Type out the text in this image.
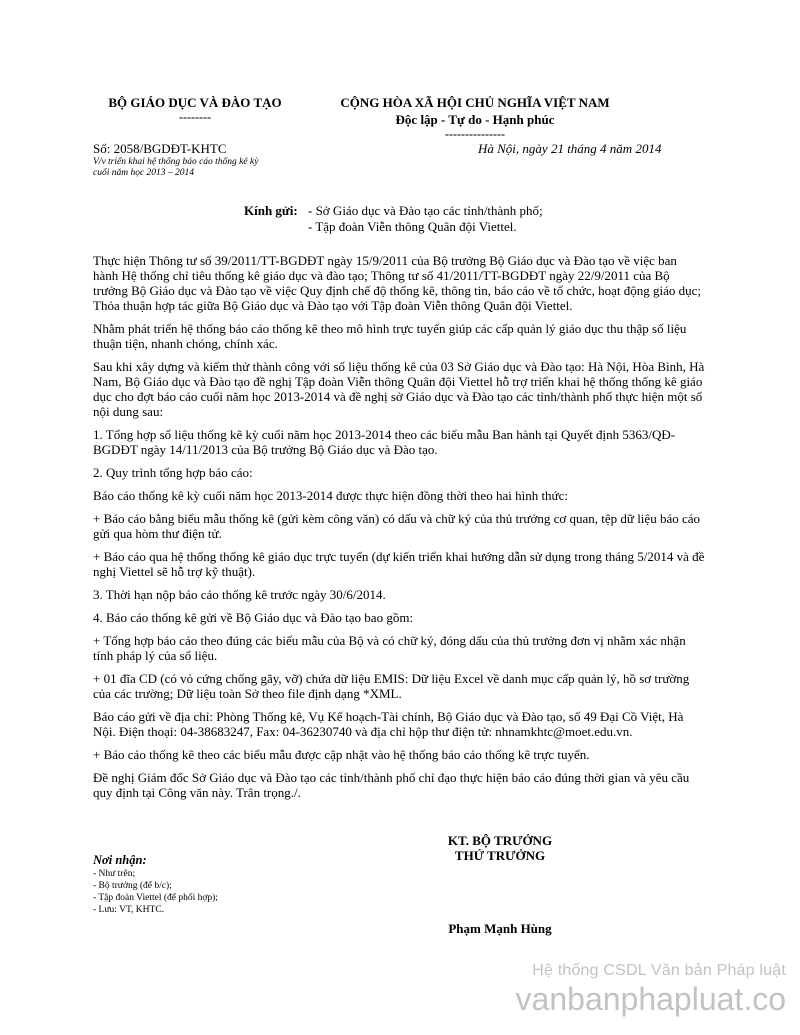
BỘ GIÁO DỤC VÀ ĐÀO TẠO
--------
CỘNG HÒA XÃ HỘI CHỦ NGHĨA VIỆT NAM
Độc lập - Tự do - Hạnh phúc
---------------
Số: 2058/BGDĐT-KHTC
V/v triển khai hệ thống báo cáo thống kê kỳ
cuối năm học 2013 – 2014
Hà Nội, ngày 21 tháng 4 năm 2014
Kính gửi: - Sở Giáo dục và Đào tạo các tỉnh/thành phố;
- Tập đoàn Viễn thông Quân đội Viettel.

Thực hiện Thông tư số 39/2011/TT-BGDĐT ngày 15/9/2011 của Bộ trưởng Bộ Giáo dục và Đào tạo về việc ban hành Hệ thống chỉ tiêu thống kê giáo dục và đào tạo; Thông tư số 41/2011/TT-BGDĐT ngày 22/9/2011 của Bộ trưởng Bộ Giáo dục và Đào tạo về việc Quy định chế độ thống kê, thông tin, báo cáo về tổ chức, hoạt động giáo dục; Thỏa thuận hợp tác giữa Bộ Giáo dục và Đào tạo với Tập đoàn Viễn thông Quân đội Viettel.

Nhằm phát triển hệ thống báo cáo thống kê theo mô hình trực tuyến giúp các cấp quản lý giáo dục thu thập số liệu thuận tiện, nhanh chóng, chính xác.

Sau khi xây dựng và kiểm thử thành công với số liệu thống kê của 03 Sở Giáo dục và Đào tạo: Hà Nội, Hòa Bình, Hà Nam, Bộ Giáo dục và Đào tạo đề nghị Tập đoàn Viễn thông Quân đội Viettel hỗ trợ triển khai hệ thống thống kê giáo dục cho đợt báo cáo cuối năm học 2013-2014 và đề nghị sở Giáo dục và Đào tạo các tỉnh/thành phố thực hiện một số nội dung sau:

1. Tổng hợp số liệu thống kê kỳ cuối năm học 2013-2014 theo các biểu mẫu Ban hành tại Quyết định 5363/QĐ-BGDĐT ngày 14/11/2013 của Bộ trưởng Bộ Giáo dục và Đào tạo.

2. Quy trình tổng hợp báo cáo:

Báo cáo thống kê kỳ cuối năm học 2013-2014 được thực hiện đồng thời theo hai hình thức:

+ Báo cáo bằng biểu mẫu thống kê (gửi kèm công văn) có dấu và chữ ký của thủ trưởng cơ quan, tệp dữ liệu báo cáo gửi qua hòm thư điện tử.

+ Báo cáo qua hệ thống thống kê giáo dục trực tuyến (dự kiến triển khai hướng dẫn sử dụng trong tháng 5/2014 và đề nghị Viettel sẽ hỗ trợ kỹ thuật).

3. Thời hạn nộp báo cáo thống kê trước ngày 30/6/2014.

4. Báo cáo thống kê gửi về Bộ Giáo dục và Đào tạo bao gồm:

+ Tổng hợp báo cáo theo đúng các biểu mẫu của Bộ và có chữ ký, đóng dấu của thủ trưởng đơn vị nhằm xác nhận tính pháp lý của số liệu.

+ 01 đĩa CD (có vỏ cứng chống gãy, vỡ) chứa dữ liệu EMIS: Dữ liệu Excel về danh mục cấp quản lý, hồ sơ trường của các trường; Dữ liệu toàn Sở theo file định dạng *XML.

Báo cáo gửi về địa chỉ: Phòng Thống kê, Vụ Kế hoạch-Tài chính, Bộ Giáo dục và Đào tạo, số 49 Đại Cồ Việt, Hà Nội. Điện thoại: 04-38683247, Fax: 04-36230740 và địa chỉ hộp thư điện tử: nhnamkhtc@moet.edu.vn.

+ Báo cáo thống kê theo các biểu mẫu được cập nhật vào hệ thống báo cáo thống kê trực tuyến.

Đề nghị Giám đốc Sở Giáo dục và Đào tạo các tỉnh/thành phố chỉ đạo thực hiện báo cáo đúng thời gian và yêu cầu quy định tại Công văn này. Trân trọng./.

KT. BỘ TRƯỞNG
THỨ TRƯỞNG
Nơi nhận:
- Như trên;
- Bộ trưởng (để b/c);
- Tập đoàn Viettel (để phối hợp);
- Lưu: VT, KHTC.
Phạm Mạnh Hùng
Hệ thống CSDL Văn bản Pháp luật
vanbanphapluat.co
